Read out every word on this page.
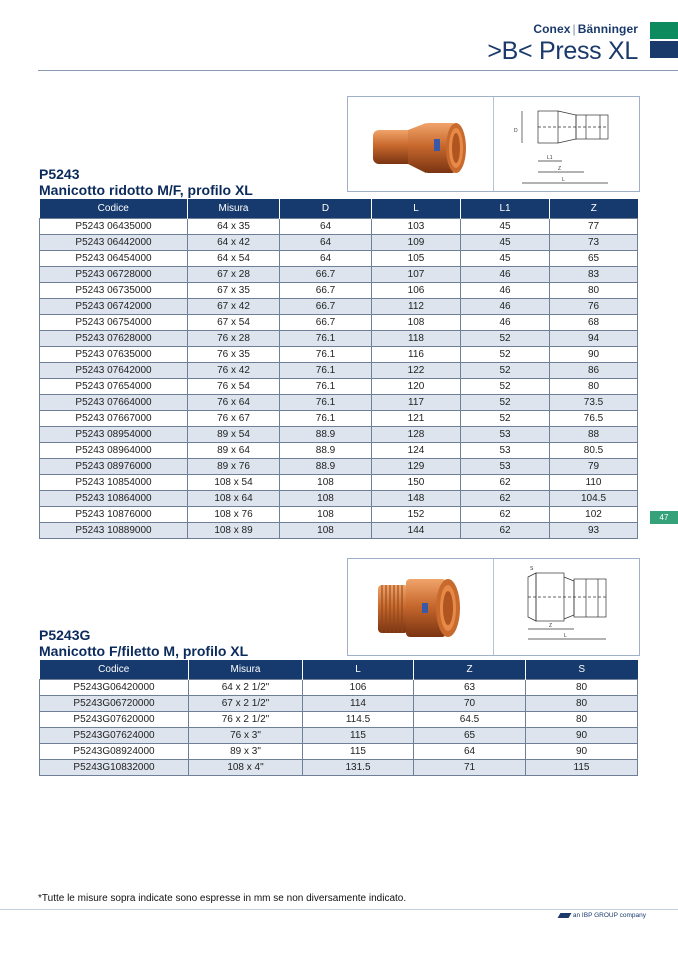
Conex | Bänninger
>B< Press XL
D
L1
Z
L
P5243
Manicotto ridotto M/F, profilo XL
Codice	Misura	D	L	L1	Z
P5243 06435000	64 x 35	64	103	45	77
P5243 06442000	64 x 42	64	109	45	73
P5243 06454000	64 x 54	64	105	45	65
P5243 06728000	67 x 28	66.7	107	46	83
P5243 06735000	67 x 35	66.7	106	46	80
P5243 06742000	67 x 42	66.7	112	46	76
P5243 06754000	67 x 54	66.7	108	46	68
P5243 07628000	76 x 28	76.1	118	52	94
P5243 07635000	76 x 35	76.1	116	52	90
P5243 07642000	76 x 42	76.1	122	52	86
P5243 07654000	76 x 54	76.1	120	52	80
P5243 07664000	76 x 64	76.1	117	52	73.5
P5243 07667000	76 x 67	76.1	121	52	76.5
P5243 08954000	89 x 54	88.9	128	53	88
P5243 08964000	89 x 64	88.9	124	53	80.5
P5243 08976000	89 x 76	88.9	129	53	79
P5243 10854000	108 x 54	108	150	62	110
P5243 10864000	108 x 64	108	148	62	104.5
P5243 10876000	108 x 76	108	152	62	102
P5243 10889000	108 x 89	108	144	62	93
47
S
Z
L
P5243G
Manicotto F/filetto M, profilo XL
Codice	Misura	L	Z	S
P5243G06420000	64 x 2 1/2"	106	63	80
P5243G06720000	67 x 2 1/2"	114	70	80
P5243G07620000	76 x 2 1/2"	114.5	64.5	80
P5243G07624000	76 x 3"	115	65	90
P5243G08924000	89 x 3"	115	64	90
P5243G10832000	108 x 4"	131.5	71	115
*Tutte le misure sopra indicate sono espresse in mm se non diversamente indicato.
an IBP GROUP company
